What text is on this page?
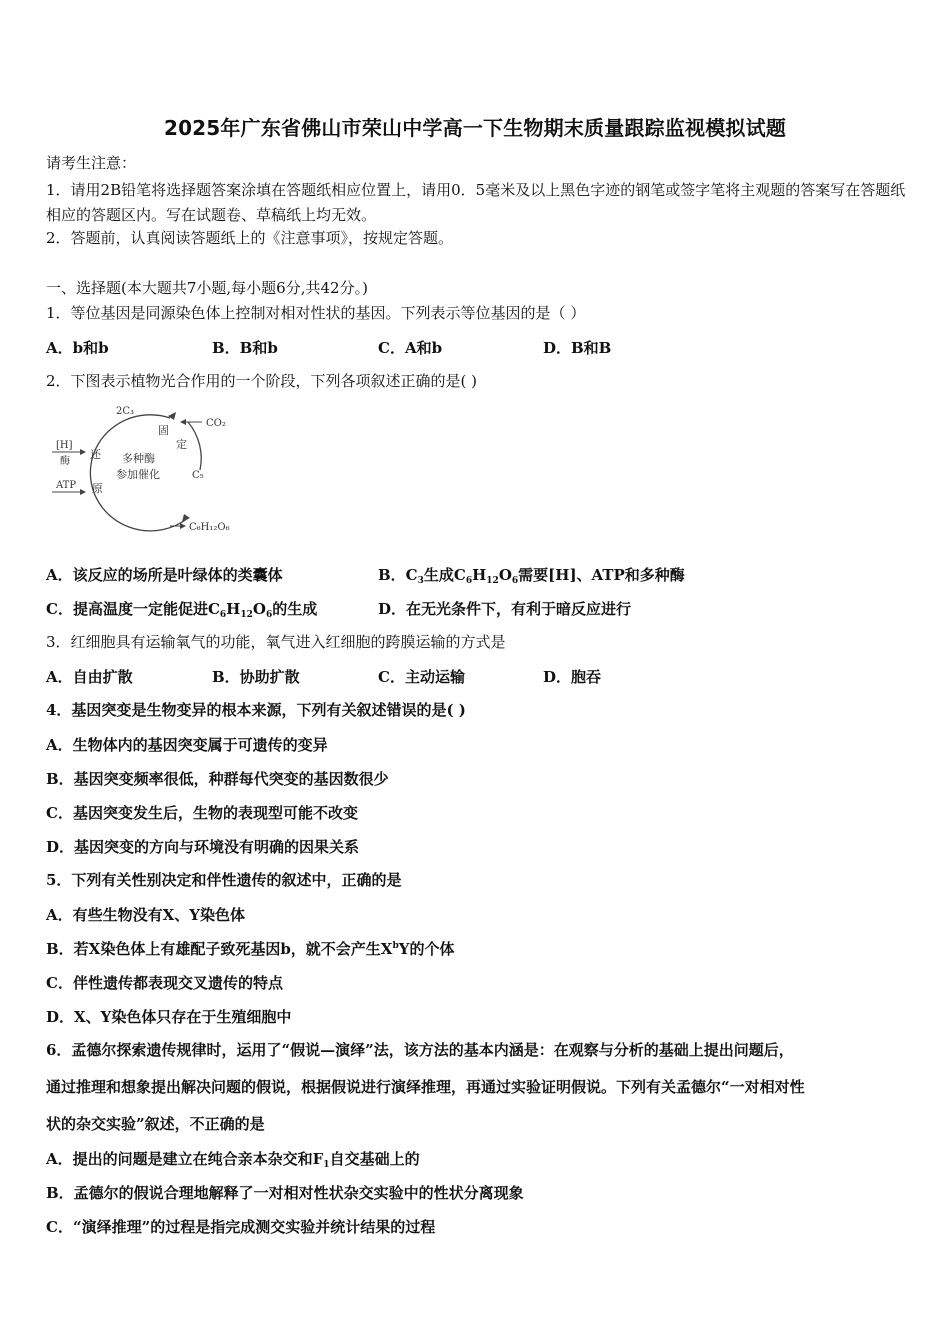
2025年广东省佛山市荣山中学高一下生物期末质量跟踪监视模拟试题
请考生注意：
1．请用2B铅笔将选择题答案涂填在答题纸相应位置上，请用0．5毫米及以上黑色字迹的钢笔或签字笔将主观题的答案写在答题纸相应的答题区内。写在试题卷、草稿纸上均无效。
2．答题前，认真阅读答题纸上的《注意事项》，按规定答题。
一、选择题(本大题共7小题,每小题6分,共42分。)
1．等位基因是同源染色体上控制对相对性状的基因。下列表示等位基因的是（ ）
A．b和b	B．B和b	C．A和b	D．B和B
2．下图表示植物光合作用的一个阶段，下列各项叙述正确的是( )
2C₃
CO₂
固
定
C₅
[H]
酶
ATP
还
原
多种酶
参加催化
C₆H₁₂O₆
A．该反应的场所是叶绿体的类囊体	B．$C_3$生成$C_6H_{12}O_6$需要[H]、ATP和多种酶
C．提高温度一定能促进$C_6H_{12}O_6$的生成	D．在无光条件下，有利于暗反应进行
3．红细胞具有运输氧气的功能，氧气进入红细胞的跨膜运输的方式是
A．自由扩散	B．协助扩散	C．主动运输	D．胞吞
4．基因突变是生物变异的根本来源，下列有关叙述错误的是( )
A．生物体内的基因突变属于可遗传的变异
B．基因突变频率很低，种群每代突变的基因数很少
C．基因突变发生后，生物的表现型可能不改变
D．基因突变的方向与环境没有明确的因果关系
5．下列有关性别决定和伴性遗传的叙述中，正确的是
A．有些生物没有X、Y染色体
B．若X染色体上有雄配子致死基因b，就不会产生$X^bY$的个体
C．伴性遗传都表现交叉遗传的特点
D．X、Y染色体只存在于生殖细胞中
6．孟德尔探索遗传规律时，运用了“假说—演绎”法，该方法的基本内涵是：在观察与分析的基础上提出问题后，
通过推理和想象提出解决问题的假说，根据假说进行演绎推理，再通过实验证明假说。下列有关孟德尔“一对相对性
状的杂交实验”叙述，不正确的是
A．提出的问题是建立在纯合亲本杂交和$F_1$自交基础上的
B．孟德尔的假说合理地解释了一对相对性状杂交实验中的性状分离现象
C．“演绎推理”的过程是指完成测交实验并统计结果的过程
